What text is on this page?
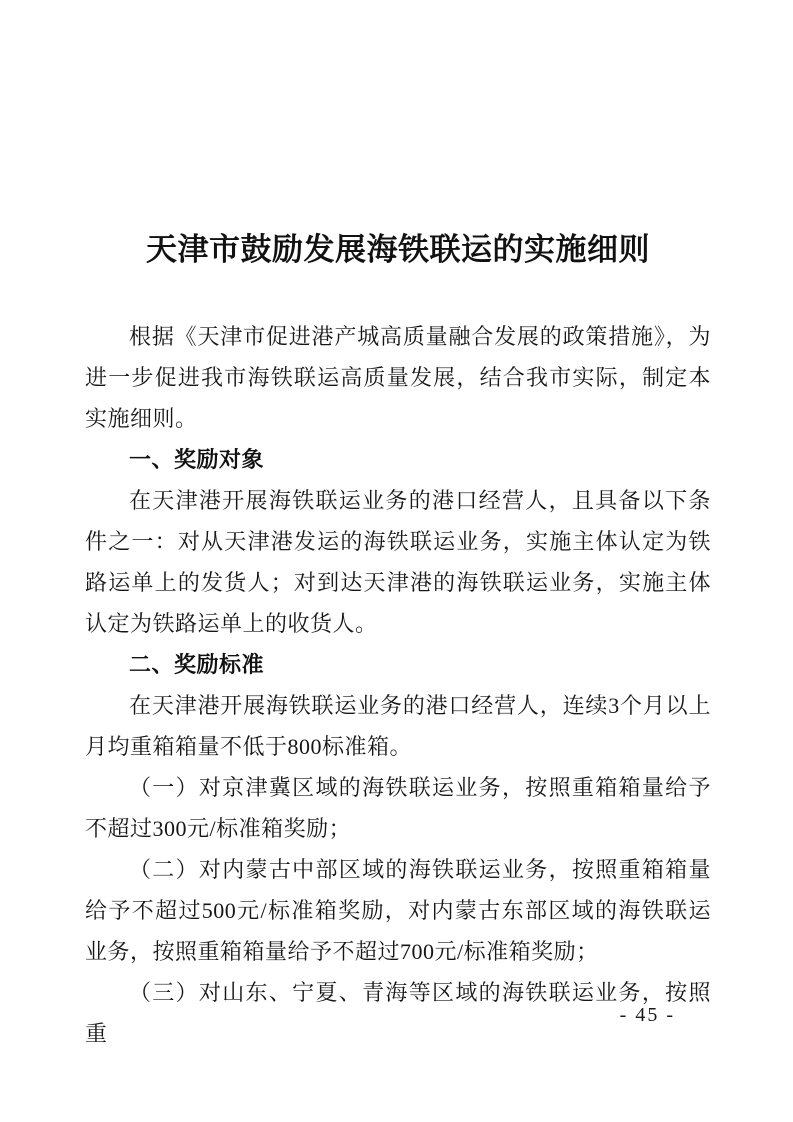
天津市鼓励发展海铁联运的实施细则

根据《天津市促进港产城高质量融合发展的政策措施》，为进一步促进我市海铁联运高质量发展，结合我市实际，制定本实施细则。

一、奖励对象

在天津港开展海铁联运业务的港口经营人，且具备以下条件之一：对从天津港发运的海铁联运业务，实施主体认定为铁路运单上的发货人；对到达天津港的海铁联运业务，实施主体认定为铁路运单上的收货人。

二、奖励标准

在天津港开展海铁联运业务的港口经营人，连续3个月以上月均重箱箱量不低于800标准箱。

（一）对京津冀区域的海铁联运业务，按照重箱箱量给予不超过300元/标准箱奖励；

（二）对内蒙古中部区域的海铁联运业务，按照重箱箱量给予不超过500元/标准箱奖励，对内蒙古东部区域的海铁联运业务，按照重箱箱量给予不超过700元/标准箱奖励；

（三）对山东、宁夏、青海等区域的海铁联运业务，按照重

- 45 -
